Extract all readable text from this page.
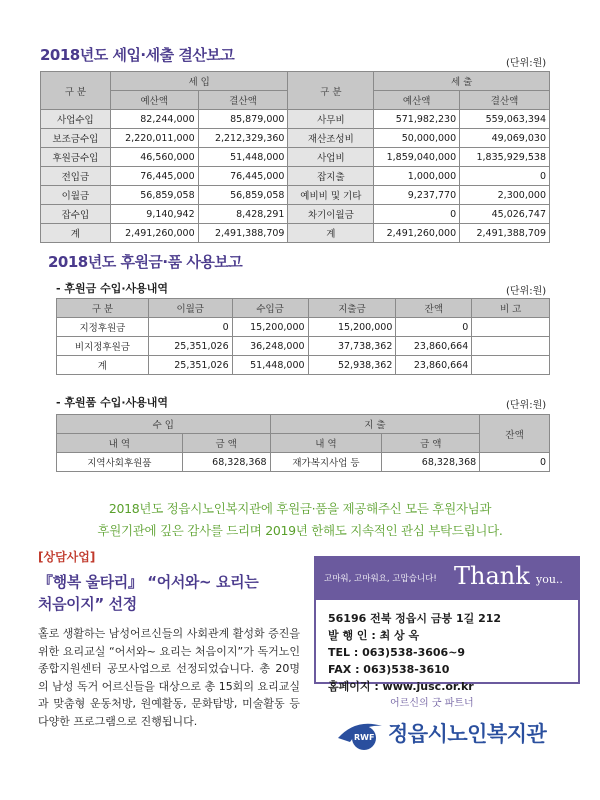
2018년도 세입·세출 결산보고	(단위:원)
구 분	세 입		구 분	세 출	
	예산액	결산액		예산액	결산액
사업수입	82,244,000	85,879,000	사무비	571,982,230	559,063,394
보조금수입	2,220,011,000	2,212,329,360	재산조성비	50,000,000	49,069,030
후원금수입	46,560,000	51,448,000	사업비	1,859,040,000	1,835,929,538
전입금	76,445,000	76,445,000	잡지출	1,000,000	0
이월금	56,859,058	56,859,058	예비비 및 기타	9,237,770	2,300,000
잡수입	9,140,942	8,428,291	차기이월금	0	45,026,747
계	2,491,260,000	2,491,388,709	계	2,491,260,000	2,491,388,709
2018년도 후원금·품 사용보고
- 후원금 수입·사용내역	(단위:원)
구 분	이월금	수입금	지출금	잔액	비 고
지정후원금	0	15,200,000	15,200,000	0	
비지정후원금	25,351,026	36,248,000	37,738,362	23,860,664	
계	25,351,026	51,448,000	52,938,362	23,860,664	
- 후원품 수입·사용내역	(단위:원)
수 입		지 출		잔액
내 역	금 액	내 역	금 액	
지역사회후원품	68,328,368	재가복지사업 등	68,328,368	0
2018년도 정읍시노인복지관에 후원금·품을 제공해주신 모든 후원자님과
후원기관에 깊은 감사를 드리며 2019년 한해도 지속적인 관심 부탁드립니다.
[상담사업]
『행복 울타리』 “어서와~ 요리는
처음이지” 선정
홀로 생활하는 남성어르신들의 사회관계 활성화 증진을 위한 요리교실 “어서와~ 요리는 처음이지”가 독거노인종합지원센터 공모사업으로 선정되었습니다. 총 20명의 남성 독거 어르신들을 대상으로 총 15회의 요리교실과 맞춤형 운동처방, 원예활동, 문화탐방, 미술활동 등 다양한 프로그램으로 진행됩니다.
고마워, 고마워요, 고맙습니다! Thank you..
56196 전북 정읍시 금붕 1길 212
발 행 인 : 최 상 옥
TEL : 063)538-3606~9
FAX : 063)538-3610
홈페이지 : www.jusc.or.kr
어르신의 굿 파트너
RWF 정읍시노인복지관
